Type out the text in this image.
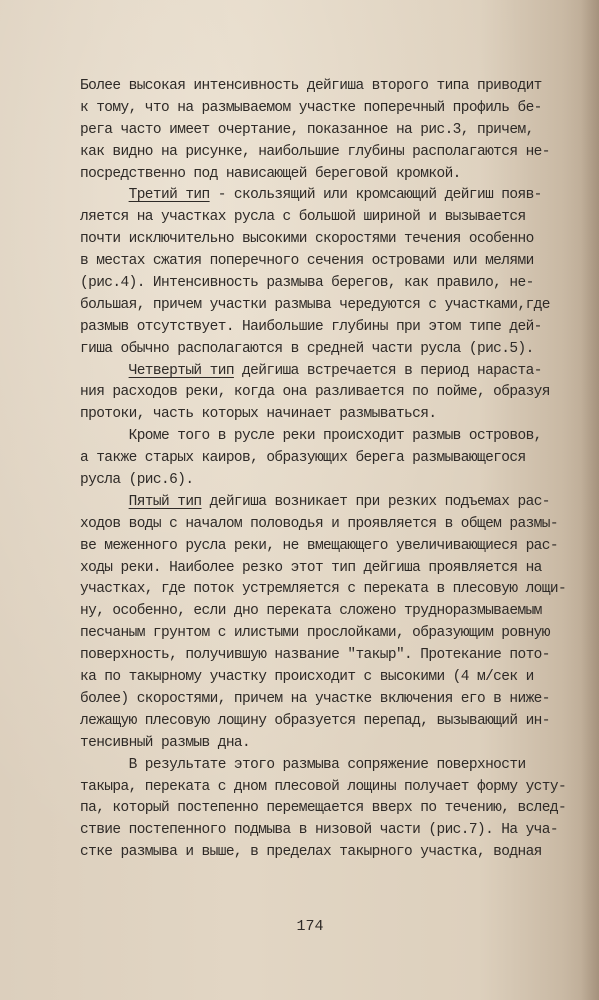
Более высокая интенсивность дейгиша второго типа приводит
к тому, что на размываемом участке поперечный профиль бе-
рега часто имеет очертание, показанное на рис.3, причем,
как видно на рисунке, наибольшие глубины располагаются не-
посредственно под нависающей береговой кромкой.
Третий тип - скользящий или кромсающий дейгиш появ-
ляется на участках русла с большой шириной и вызывается
почти исключительно высокими скоростями течения особенно
в местах сжатия поперечного сечения островами или мелями
(рис.4). Интенсивность размыва берегов, как правило, не-
большая, причем участки размыва чередуются с участками,где
размыв отсутствует. Наибольшие глубины при этом типе дей-
гиша обычно располагаются в средней части русла (рис.5).
Четвертый тип дейгиша встречается в период нараста-
ния расходов реки, когда она разливается по пойме, образуя
протоки, часть которых начинает размываться.
Кроме того в русле реки происходит размыв островов,
а также старых каиров, образующих берега размывающегося
русла (рис.6).
Пятый тип дейгиша возникает при резких подъемах рас-
ходов воды с началом половодья и проявляется в общем размы-
ве меженного русла реки, не вмещающего увеличивающиеся рас-
ходы реки. Наиболее резко этот тип дейгиша проявляется на
участках, где поток устремляется с переката в плесовую лощи-
ну, особенно, если дно переката сложено трудноразмываемым
песчаным грунтом с илистыми прослойками, образующим ровную
поверхность, получившую название "такыр". Протекание пото-
ка по такырному участку происходит с высокими (4 м/сек и
более) скоростями, причем на участке включения его в ниже-
лежащую плесовую лощину образуется перепад, вызывающий ин-
тенсивный размыв дна.
В результате этого размыва сопряжение поверхности
такыра, переката с дном плесовой лощины получает форму усту-
па, который постепенно перемещается вверх по течению, вслед-
ствие постепенного подмыва в низовой части (рис.7). На уча-
стке размыва и выше, в пределах такырного участка, водная
174
